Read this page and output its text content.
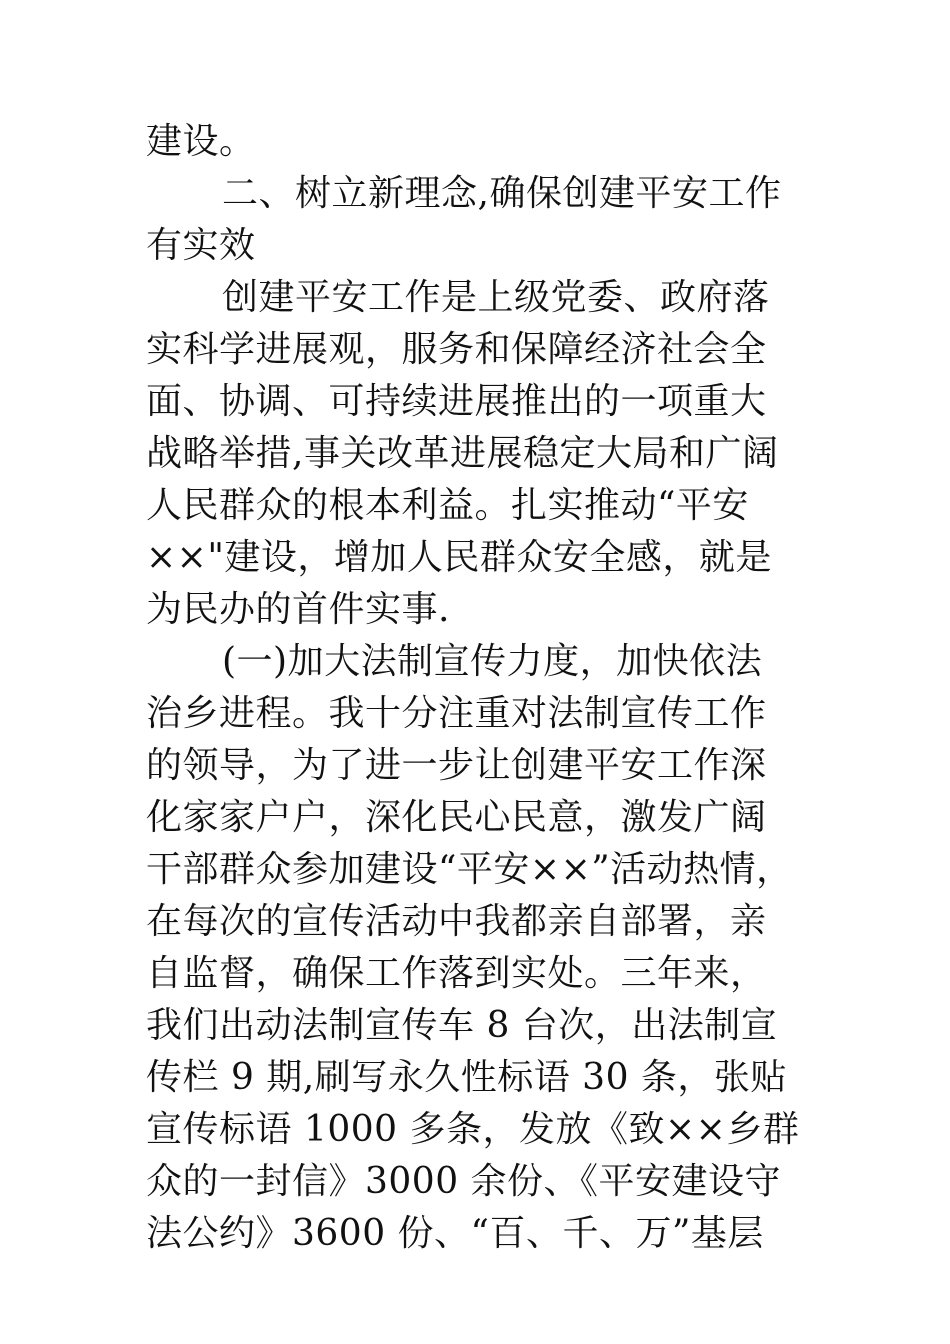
建设。
二、树立新理念,确保创建平安工作
有实效
创建平安工作是上级党委、政府落
实科学进展观，服务和保障经济社会全
面、协调、可持续进展推出的一项重大
战略举措,事关改革进展稳定大局和广阔
人民群众的根本利益。扎实推动“平安
××"建设，增加人民群众安全感，就是
为民办的首件实事.
(一)加大法制宣传力度，加快依法
治乡进程。我十分注重对法制宣传工作
的领导，为了进一步让创建平安工作深
化家家户户，深化民心民意，激发广阔
干部群众参加建设“平安××”活动热情，
在每次的宣传活动中我都亲自部署，亲
自监督，确保工作落到实处。三年来，
我们出动法制宣传车 8 台次，出法制宣
传栏 9 期,刷写永久性标语 30 条，张贴
宣传标语 1000 多条，发放《致××乡群
众的一封信》3000 余份、《平安建设守
法公约》3600 份、“百、千、万”基层
